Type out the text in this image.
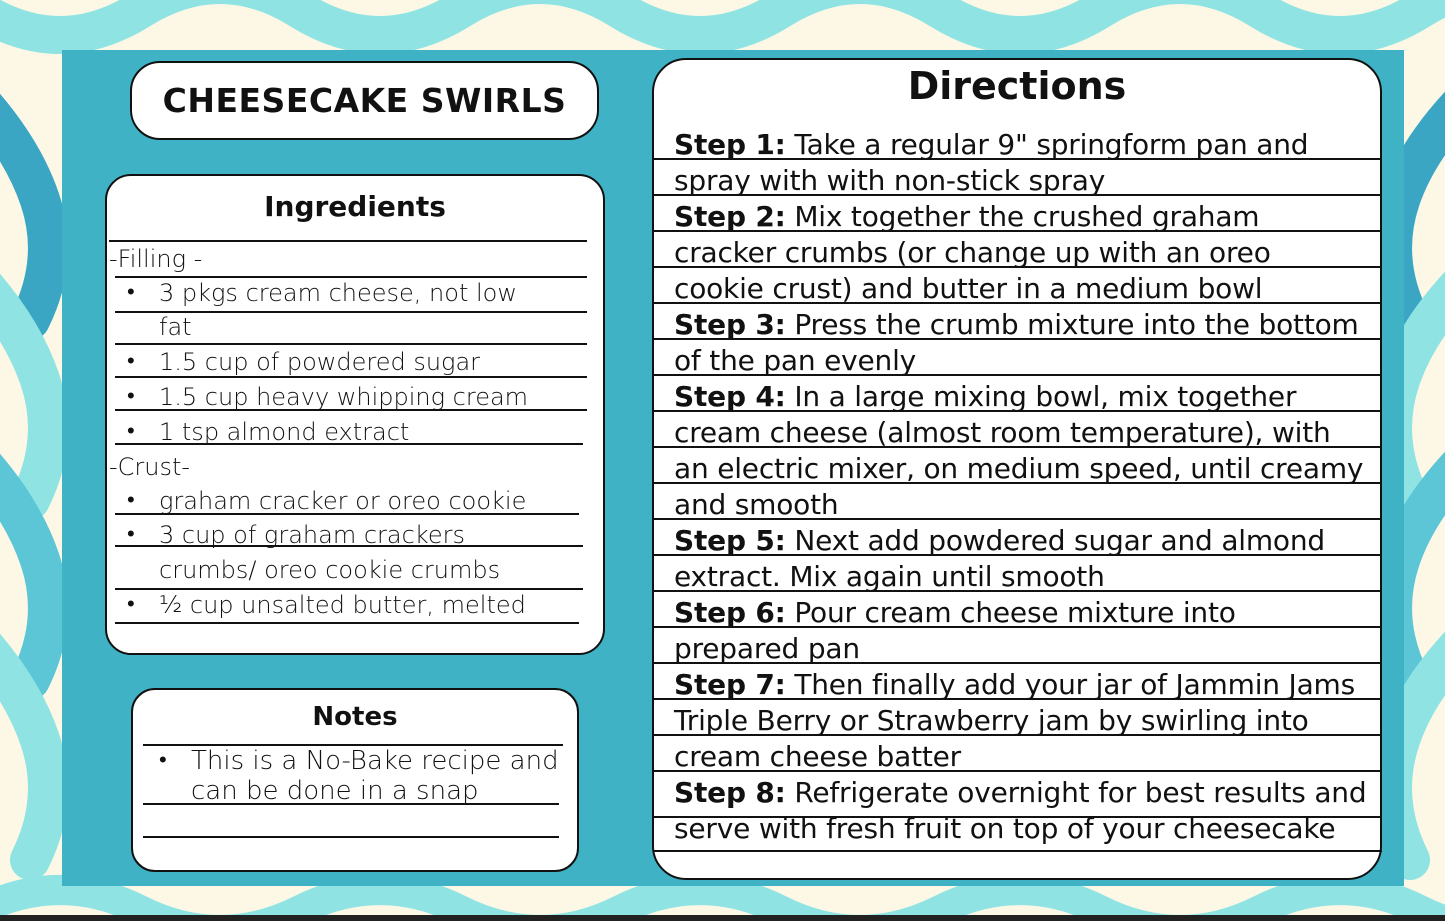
CHEESECAKE SWIRLS
Ingredients
-Filling -
• 3 pkgs cream cheese, not low
fat
• 1.5 cup of powdered sugar
• 1.5 cup heavy whipping cream
• 1 tsp almond extract
-Crust-
• graham cracker or oreo cookie
• 3 cup of graham crackers
crumbs/ oreo cookie crumbs
• ½ cup unsalted butter, melted
Notes
• This is a No-Bake recipe and
can be done in a snap
Directions
Step 1: Take a regular 9" springform pan and
spray with with non-stick spray
Step 2: Mix together the crushed graham
cracker crumbs (or change up with an oreo
cookie crust) and butter in a medium bowl
Step 3: Press the crumb mixture into the bottom
of the pan evenly
Step 4: In a large mixing bowl, mix together
cream cheese (almost room temperature), with
an electric mixer, on medium speed, until creamy
and smooth
Step 5: Next add powdered sugar and almond
extract. Mix again until smooth
Step 6: Pour cream cheese mixture into
prepared pan
Step 7: Then finally add your jar of Jammin Jams
Triple Berry or Strawberry jam by swirling into
cream cheese batter
Step 8: Refrigerate overnight for best results and
serve with fresh fruit on top of your cheesecake
